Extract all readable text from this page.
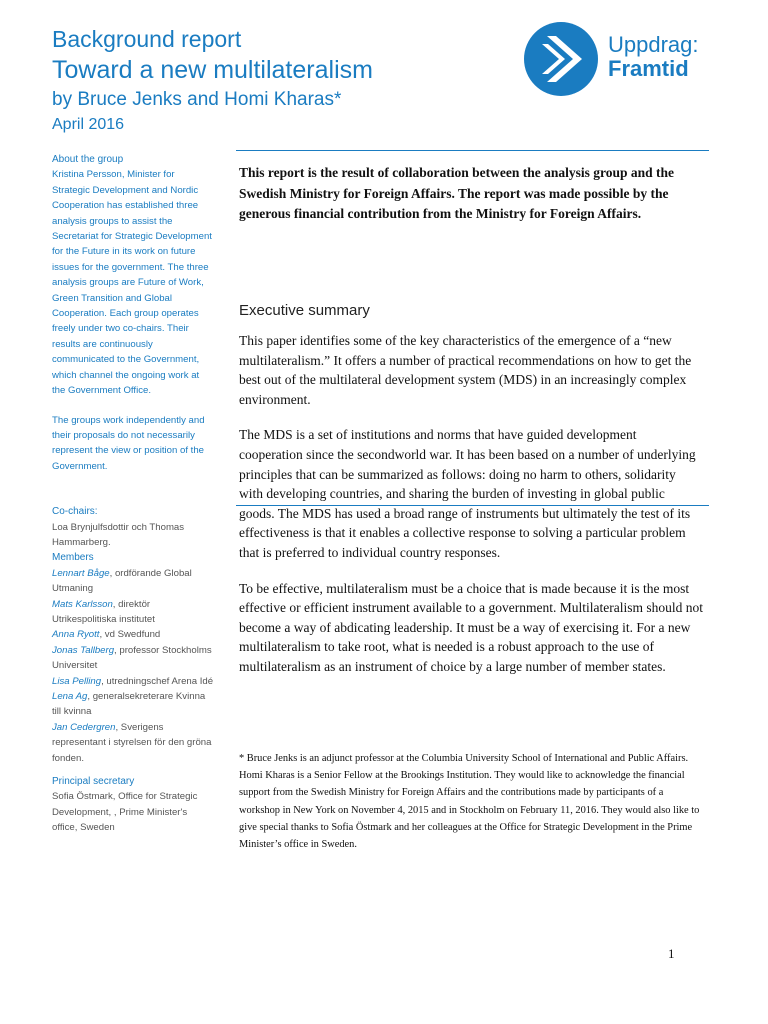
Background report
Toward a new multilateralism
by Bruce Jenks and Homi Kharas*
April 2016
Uppdrag:
Framtid
About the group

Kristina Persson, Minister for Strategic Development and Nordic Cooperation has established three analysis groups to assist the Secretariat for Strategic Development for the Future in its work on future issues for the government. The three analysis groups are Future of Work, Green Transition and Global Cooperation. Each group operates freely under two co-chairs. Their results are continuously communicated to the Government, which channel the ongoing work at the Government Office.

The groups work independently and their proposals do not necessarily represent the view or position of the Government.

Co-chairs:

Loa Brynjulfsdottir och Thomas Hammarberg.

Members
Lennart Båge, ordförande Global Utmaning
Mats Karlsson, direktör Utrikespolitiska institutet
Anna Ryott, vd Swedfund
Jonas Tallberg, professor Stockholms Universitet
Lisa Pelling, utredningschef Arena Idé
Lena Ag, generalsekreterare Kvinna till kvinna
Jan Cedergren, Sverigens representant i styrelsen för den gröna fonden.
Principal secretary

Sofia Östmark, Office for Strategic Development, , Prime Minister's office, Sweden

This report is the result of collaboration between the analysis group and the Swedish Ministry for Foreign Affairs. The report was made possible by the generous financial contribution from the Ministry for Foreign Affairs.
Executive summary

This paper identifies some of the key characteristics of the emergence of a “new multilateralism.” It offers a number of practical recommendations on how to get the best out of the multilateral development system (MDS) in an increasingly complex environment.

The MDS is a set of institutions and norms that have guided development cooperation since the secondworld war. It has been based on a number of underlying principles that can be summarized as follows: doing no harm to others, solidarity with developing countries, and sharing the burden of investing in global public goods. The MDS has used a broad range of instruments but ultimately the test of its effectiveness is that it enables a collective response to solving a particular problem that is preferred to individual country responses.

To be effective, multilateralism must be a choice that is made because it is the most effective or efficient instrument available to a government. Multilateralism should not become a way of abdicating leadership. It must be a way of exercising it. For a new multilateralism to take root, what is needed is a robust approach to the use of multilateralism as an instrument of choice by a large number of member states.

* Bruce Jenks is an adjunct professor at the Columbia University School of International and Public Affairs. Homi Kharas is a Senior Fellow at the Brookings Institution. They would like to acknowledge the financial support from the Swedish Ministry for Foreign Affairs and the contributions made by participants of a workshop in New York on November 4, 2015 and in Stockholm on February 11, 2016. They would also like to give special thanks to Sofia Östmark and her colleagues at the Office for Strategic Development in the Prime Minister’s office in Sweden.
1
